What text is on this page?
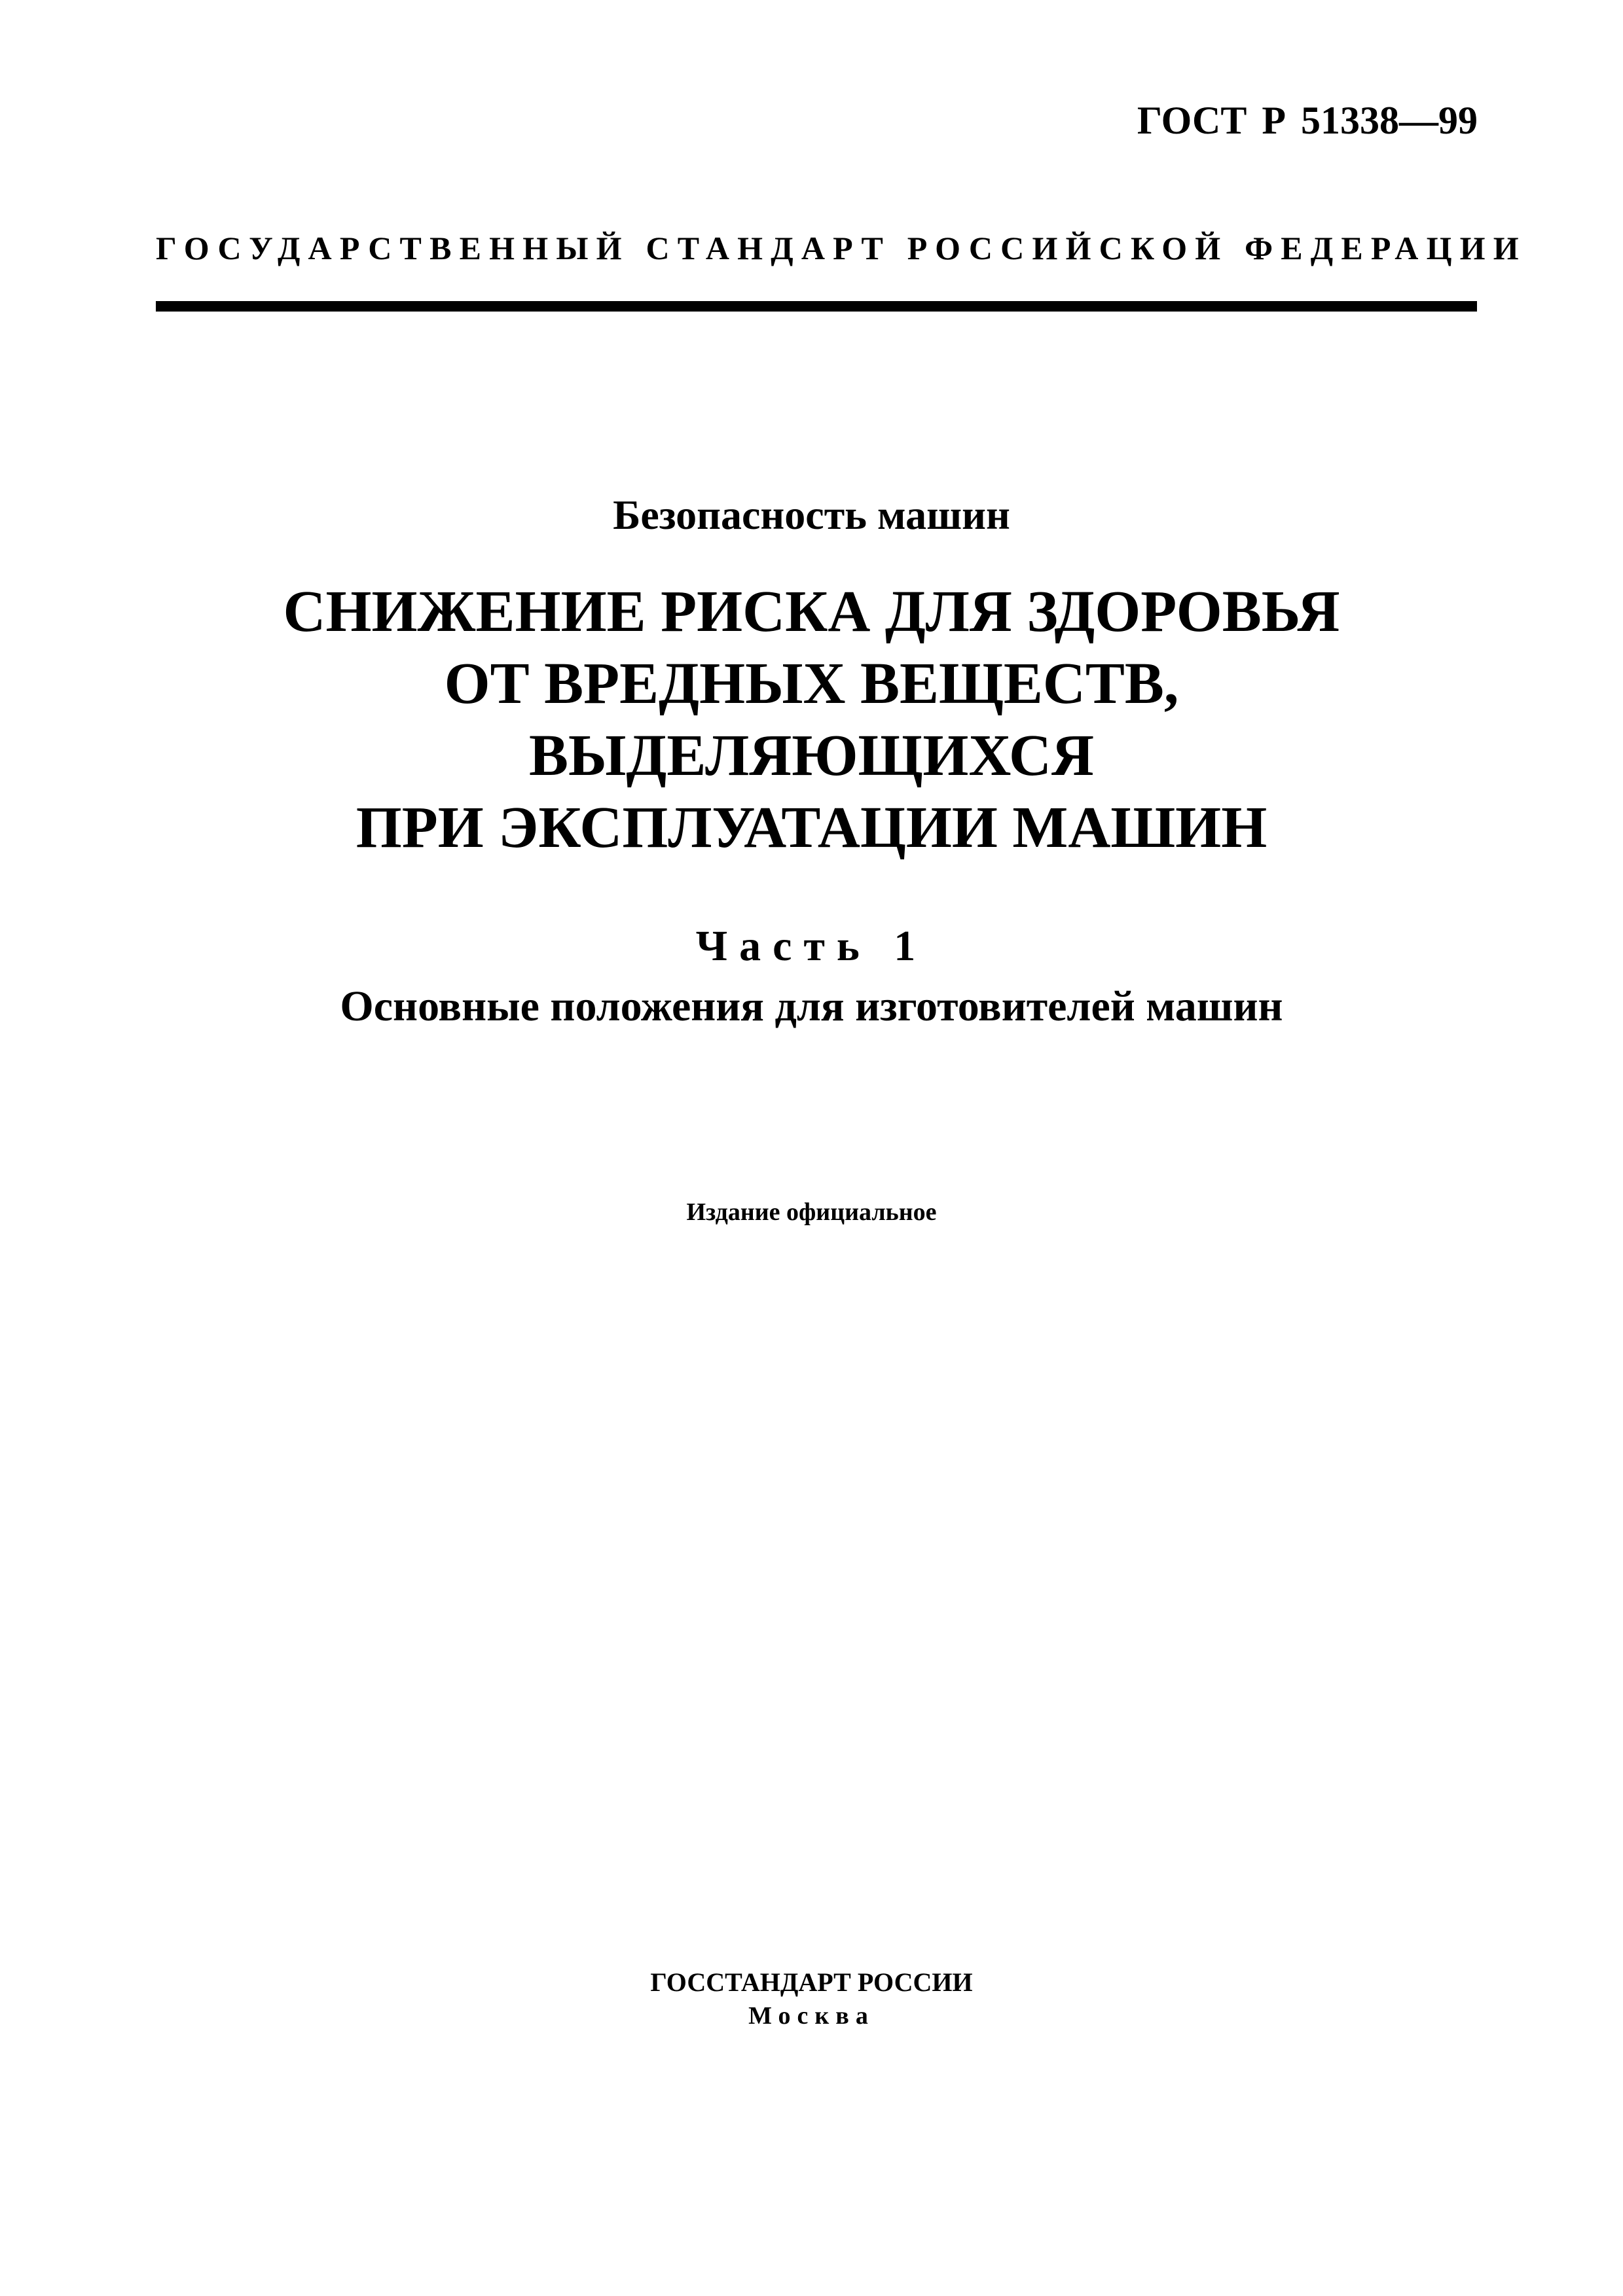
ГОСТ Р 51338—99
ГОСУДАРСТВЕННЫЙ СТАНДАРТ РОССИЙСКОЙ ФЕДЕРАЦИИ
Безопасность машин
СНИЖЕНИЕ РИСКА ДЛЯ ЗДОРОВЬЯ
ОТ ВРЕДНЫХ ВЕЩЕСТВ,
ВЫДЕЛЯЮЩИХСЯ
ПРИ ЭКСПЛУАТАЦИИ МАШИН
Часть 1
Основные положения для изготовителей машин
Издание официальное
ГОССТАНДАРТ РОССИИ
Москва
